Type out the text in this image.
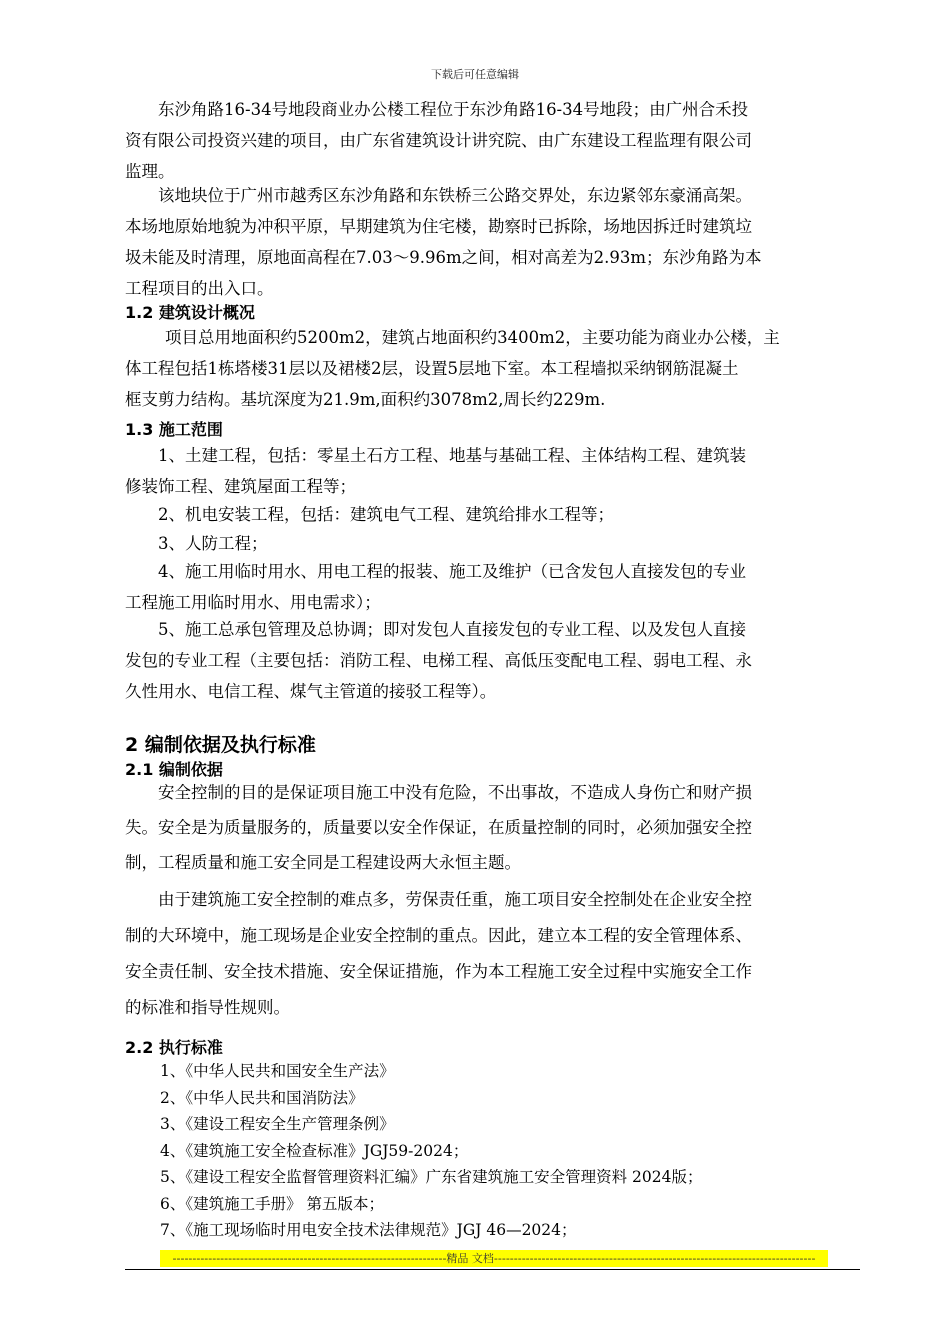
下载后可任意编辑

东沙角路16-34号地段商业办公楼工程位于东沙角路16-34号地段；由广州合禾投
资有限公司投资兴建的项目，由广东省建筑设计讲究院、由广东建设工程监理有限公司
监理。

该地块位于广州市越秀区东沙角路和东铁桥三公路交界处，东边紧邻东豪涌高架。
本场地原始地貌为冲积平原，早期建筑为住宅楼，勘察时已拆除，场地因拆迁时建筑垃
圾未能及时清理，原地面高程在7.03～9.96m之间，相对高差为2.93m；东沙角路为本
工程项目的出入口。

1.2 建筑设计概况

项目总用地面积约5200m2，建筑占地面积约3400m2，主要功能为商业办公楼，主
体工程包括1栋塔楼31层以及裙楼2层，设置5层地下室。本工程墙拟采纳钢筋混凝土
框支剪力结构。基坑深度为21.9m,面积约3078m2,周长约229m.

1.3 施工范围

1、土建工程，包括：零星土石方工程、地基与基础工程、主体结构工程、建筑装
修装饰工程、建筑屋面工程等；

2、机电安装工程，包括：建筑电气工程、建筑给排水工程等；

3、人防工程；

4、施工用临时用水、用电工程的报装、施工及维护（已含发包人直接发包的专业
工程施工用临时用水、用电需求）；

5、施工总承包管理及总协调；即对发包人直接发包的专业工程、以及发包人直接
发包的专业工程（主要包括：消防工程、电梯工程、高低压变配电工程、弱电工程、永
久性用水、电信工程、煤气主管道的接驳工程等）。

2 编制依据及执行标准
2.1 编制依据

安全控制的目的是保证项目施工中没有危险，不出事故，不造成人身伤亡和财产损
失。安全是为质量服务的，质量要以安全作保证，在质量控制的同时，必须加强安全控
制，工程质量和施工安全同是工程建设两大永恒主题。

由于建筑施工安全控制的难点多，劳保责任重，施工项目安全控制处在企业安全控
制的大环境中，施工现场是企业安全控制的重点。因此，建立本工程的安全管理体系、
安全责任制、安全技术措施、安全保证措施，作为本工程施工安全过程中实施安全工作
的标准和指导性规则。

2.2 执行标准
1、《中华人民共和国安全生产法》
2、《中华人民共和国消防法》
3、《建设工程安全生产管理条例》
4、《建筑施工安全检查标准》JGJ59-2024；
5、《建设工程安全监督管理资料汇编》广东省建筑施工安全管理资料 2024版；
6、《建筑施工手册》 第五版本；
7、《施工现场临时用电安全技术法律规范》JGJ 46—2024；
---------------------------------------------------------------------精品 文档---------------------------------------------------------------------------------
